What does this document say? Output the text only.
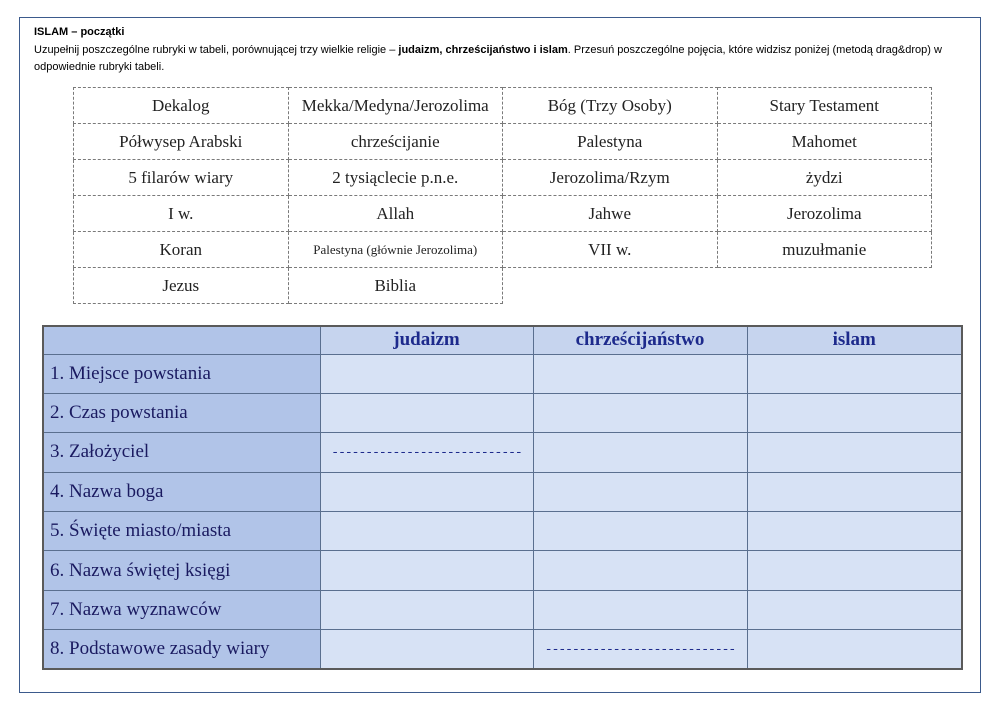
ISLAM – początki
Uzupełnij poszczególne rubryki w tabeli, porównującej trzy wielkie religie – judaizm, chrześcijaństwo i islam. Przesuń poszczególne pojęcia, które widzisz poniżej (metodą drag&drop) w odpowiednie rubryki tabeli.
Dekalog	Mekka/Medyna/Jerozolima	Bóg (Trzy Osoby)	Stary Testament
Półwysep Arabski	chrześcijanie	Palestyna	Mahomet
5 filarów wiary	2 tysiąclecie p.n.e.	Jerozolima/Rzym	żydzi
I w.	Allah	Jahwe	Jerozolima
Koran	Palestyna (głównie Jerozolima)	VII w.	muzułmanie
Jezus	Biblia		
	judaizm	chrześcijaństwo	islam
1. Miejsce powstania			
2. Czas powstania			
3. Założyciel	----------------------------		
4. Nazwa boga			
5. Święte miasto/miasta			
6. Nazwa świętej księgi			
7. Nazwa wyznawców			
8. Podstawowe zasady wiary		----------------------------	
